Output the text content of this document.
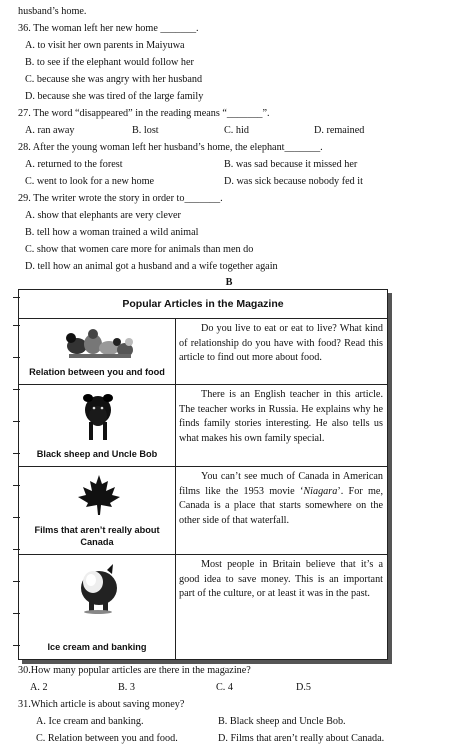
husband’s home.
36. The woman left her new home _______.
A. to visit her own parents in Maiyuwa
B. to see if the elephant would follow her
C. because she was angry with her husband
D. because she was tired of the large family
27. The word “disappeared” in the reading means “_______”.
A. ran away	B. lost	C. hid	D. remained
28. After the young woman left her husband’s home, the elephant_______.
A. returned to the forest	B. was sad because it missed her
C. went to look for a new home	D. was sick because nobody fed it
29. The writer wrote the story in order to_______.
A. show that elephants are very clever
B. tell how a woman trained a wild animal
C. show that women care more for animals than men do
D. tell how an animal got a husband and a wife together again
B
Popular Articles in the Magazine
Relation between you and food
Do you live to eat or eat to live? What kind of relationship do you have with food? Read this article to find out more about food.
Black sheep and Uncle Bob
There is an English teacher in this article. The teacher works in Russia. He explains why he finds family stories interesting. He also tells us what makes his own family special.
Films that aren’t really about Canada
You can’t see much of Canada in American films like the 1953 movie ‘Niagara’. For me, Canada is a place that starts somewhere on the other side of that waterfall.
Ice cream and banking
Most people in Britain believe that it’s a good idea to save money. This is an important part of the culture, or at least it was in the past.
30.How many popular articles are there in the magazine?
A. 2	B. 3	C. 4	D.5
31.Which article is about saving money?
A. Ice cream and banking.	B. Black sheep and Uncle Bob.
C. Relation between you and food.	D. Films that aren’t really about Canada.
